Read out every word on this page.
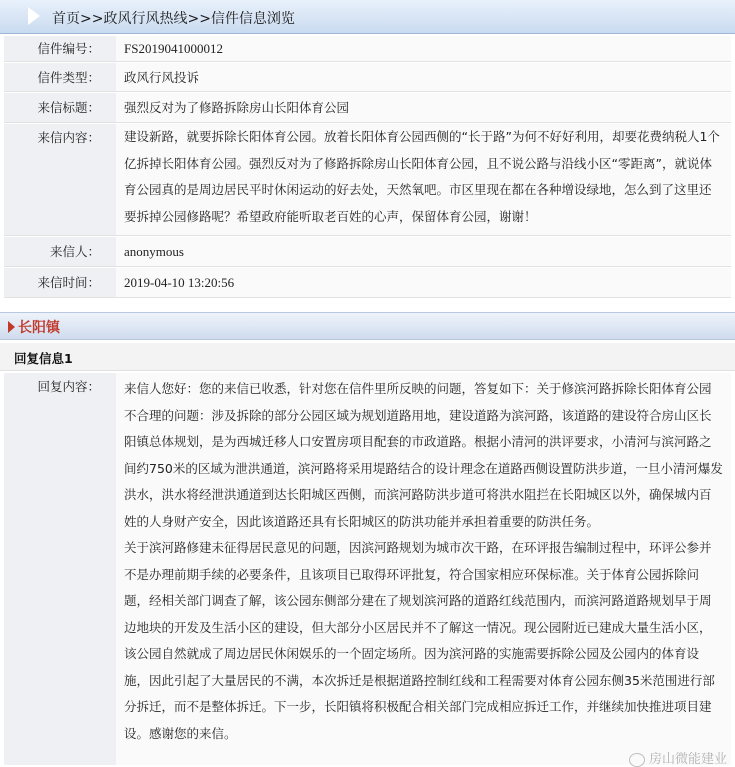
首页>>政风行风热线>>信件信息浏览
信件编号：	FS2019041000012
信件类型：	政风行风投诉
来信标题：	强烈反对为了修路拆除房山长阳体育公园
来信内容：	建设新路，就要拆除长阳体育公园。放着长阳体育公园西侧的“长于路”为何不好好利用，却要花费纳税人1个亿拆掉长阳体育公园。强烈反对为了修路拆除房山长阳体育公园，且不说公路与沿线小区“零距离”，就说体育公园真的是周边居民平时休闲运动的好去处，天然氧吧。市区里现在都在各种增设绿地，怎么到了这里还要拆掉公园修路呢？希望政府能听取老百姓的心声，保留体育公园，谢谢！
来信人：	anonymous
来信时间：	2019-04-10 13:20:56
长阳镇
回复信息1
回复内容：	来信人您好：您的来信已收悉，针对您在信件里所反映的问题，答复如下：关于修滨河路拆除长阳体育公园不合理的问题：涉及拆除的部分公园区域为规划道路用地，建设道路为滨河路，该道路的建设符合房山区长阳镇总体规划，是为西城迁移人口安置房项目配套的市政道路。根据小清河的洪评要求，小清河与滨河路之间约750米的区域为泄洪通道，滨河路将采用堤路结合的设计理念在道路西侧设置防洪步道，一旦小清河爆发洪水，洪水将经泄洪通道到达长阳城区西侧，而滨河路防洪步道可将洪水阻拦在长阳城区以外，确保城内百姓的人身财产安全，因此该道路还具有长阳城区的防洪功能并承担着重要的防洪任务。
关于滨河路修建未征得居民意见的问题，因滨河路规划为城市次干路，在环评报告编制过程中，环评公参并不是办理前期手续的必要条件，且该项目已取得环评批复，符合国家相应环保标准。关于体育公园拆除问题，经相关部门调查了解，该公园东侧部分建在了规划滨河路的道路红线范围内，而滨河路道路规划早于周边地块的开发及生活小区的建设，但大部分小区居民并不了解这一情况。现公园附近已建成大量生活小区，该公园自然就成了周边居民休闲娱乐的一个固定场所。因为滨河路的实施需要拆除公园及公园内的体育设施，因此引起了大量居民的不满，本次拆迁是根据道路控制红线和工程需要对体育公园东侧35米范围进行部分拆迁，而不是整体拆迁。下一步，长阳镇将积极配合相关部门完成相应拆迁工作，并继续加快推进项目建设。感谢您的来信。
房山微能建业
